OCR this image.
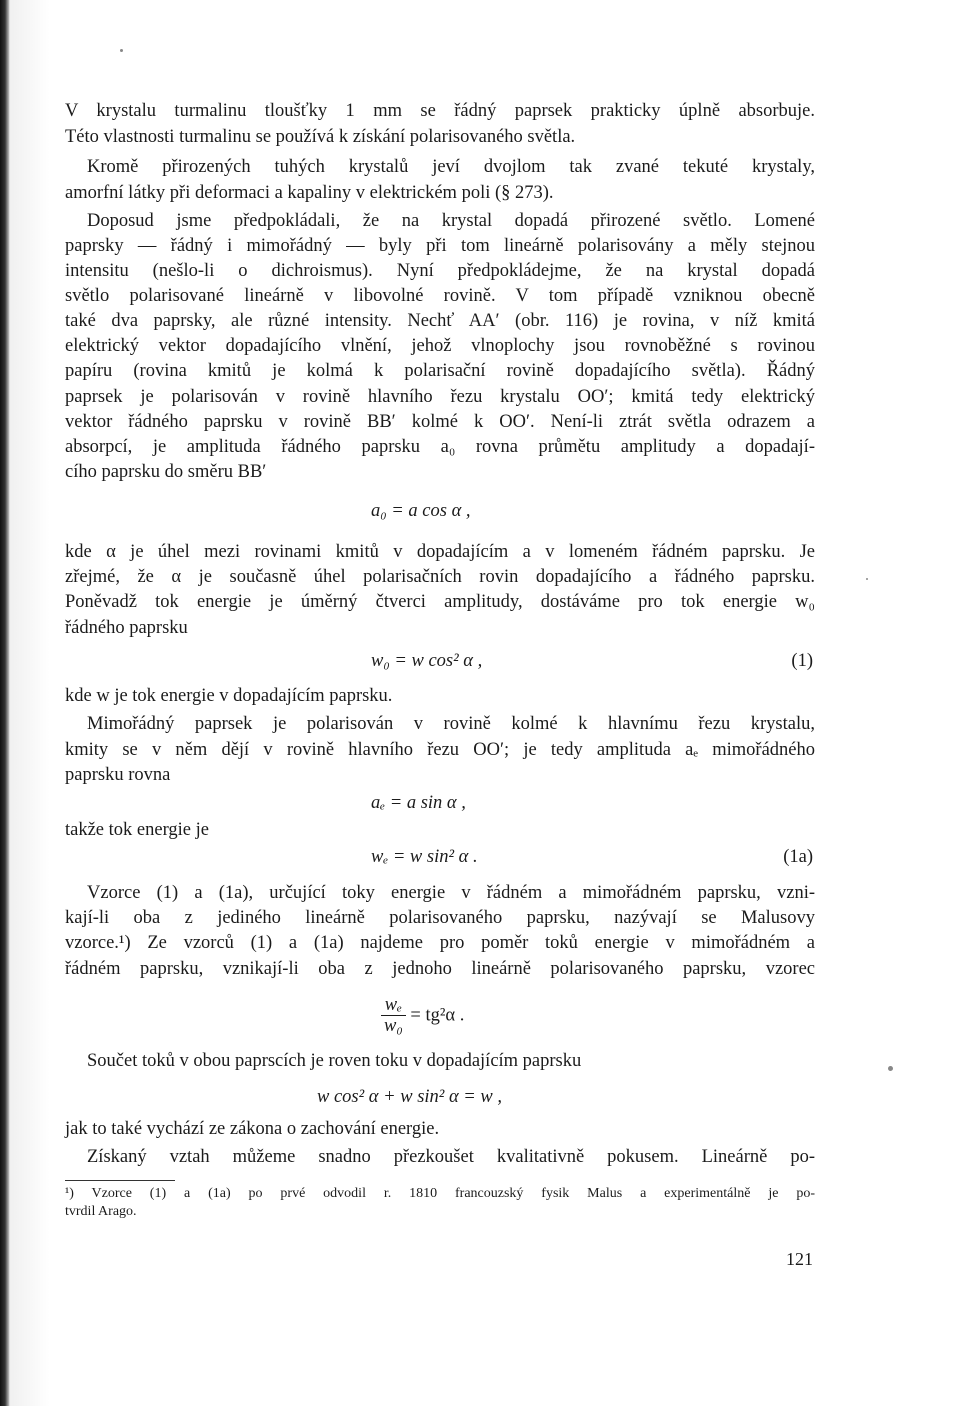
V krystalu turmalinu tloušťky 1 mm se řádný paprsek prakticky úplně absorbuje.
Této vlastnosti turmalinu se používá k získání polarisovaného světla.
Kromě přirozených tuhých krystalů jeví dvojlom tak zvané tekuté krystaly,
amorfní látky při deformaci a kapaliny v elektrickém poli (§ 273).
Doposud jsme předpokládali, že na krystal dopadá přirozené světlo. Lomené
paprsky — řádný i mimořádný — byly při tom lineárně polarisovány a měly stejnou
intensitu (nešlo-li o dichroismus). Nyní předpokládejme, že na krystal dopadá
světlo polarisované lineárně v libovolné rovině. V tom případě vzniknou obecně
také dva paprsky, ale různé intensity. Nechť AA′ (obr. 116) je rovina, v níž kmitá
elektrický vektor dopadajícího vlnění, jehož vlnoplochy jsou rovnoběžné s rovinou
papíru (rovina kmitů je kolmá k polarisační rovině dopadajícího světla). Řádný
paprsek je polarisován v rovině hlavního řezu krystalu OO′; kmitá tedy elektrický
vektor řádného paprsku v rovině BB′ kolmé k OO′. Není-li ztrát světla odrazem a
absorpcí, je amplituda řádného paprsku a₀ rovna průmětu amplitudy a dopadají-
cího paprsku do směru BB′
a₀ = a cos α ,
kde α je úhel mezi rovinami kmitů v dopadajícím a v lomeném řádném paprsku. Je
zřejmé, že α je současně úhel polarisačních rovin dopadajícího a řádného paprsku.
Poněvadž tok energie je úměrný čtverci amplitudy, dostáváme pro tok energie w₀
řádného paprsku
w₀ = w cos² α ,	(1)
kde w je tok energie v dopadajícím paprsku.
Mimořádný paprsek je polarisován v rovině kolmé k hlavnímu řezu krystalu,
kmity se v něm dějí v rovině hlavního řezu OO′; je tedy amplituda aₑ mimořádného
paprsku rovna
aₑ = a sin α ,
takže tok energie je
wₑ = w sin² α .	(1a)
Vzorce (1) a (1a), určující toky energie v řádném a mimořádném paprsku, vzni-
kají-li oba z jediného lineárně polarisovaného paprsku, nazývají se Malusovy
vzorce.¹) Ze vzorců (1) a (1a) najdeme pro poměr toků energie v mimořádném a
řádném paprsku, vznikají-li oba z jednoho lineárně polarisovaného paprsku, vzorec
$\frac{\text{wₑ}}{\text{w₀}} = tg^2\alpha$ .
Součet toků v obou paprscích je roven toku v dopadajícím paprsku
w cos² α + w sin² α = w ,
jak to také vychází ze zákona o zachování energie.
Získaný vztah můžeme snadno přezkoušet kvalitativně pokusem. Lineárně po-
¹) Vzorce (1) a (1a) po prvé odvodil r. 1810 francouzský fysik Malus a experimentálně je po-
tvrdil Arago.
121
